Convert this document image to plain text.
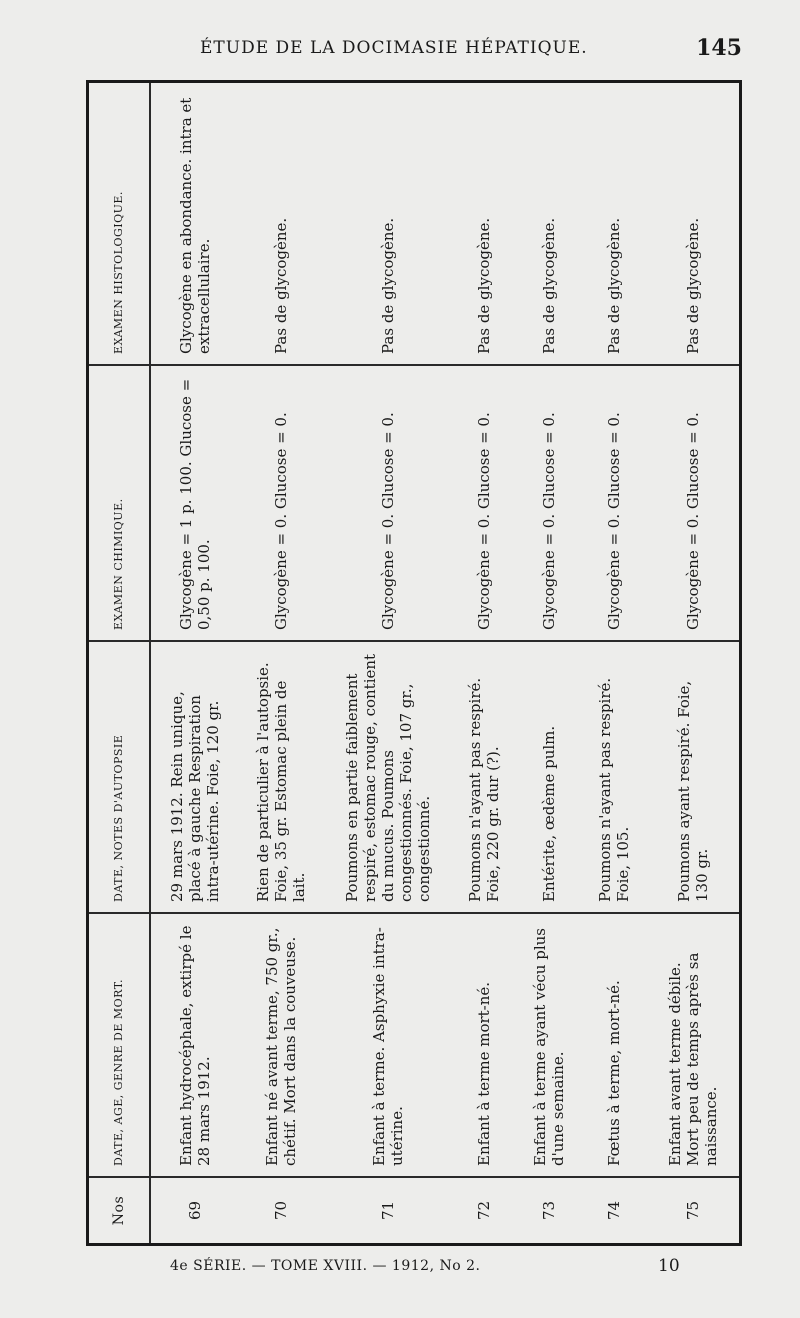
ÉTUDE DE LA DOCIMASIE HÉPATIQUE.	145
Nos	DATE, AGE, GENRE DE MORT.	DATE, NOTES D'AUTOPSIE	EXAMEN CHIMIQUE.	EXAMEN HISTOLOGIQUE.
69	Enfant hydrocéphale, extirpé le 28 mars 1912.	29 mars 1912. Rein unique, placé à gauche Respiration intra-utérine. Foie, 120 gr.	Glycogène = 1 p. 100. Glucose = 0,50 p. 100.	Glycogène en abondance. intra et extracellulaire.
70	Enfant né avant terme, 750 gr., chétif. Mort dans la couveuse.	Rien de particulier à l'autopsie. Foie, 35 gr. Estomac plein de lait.	Glycogène = 0. Glucose = 0.	Pas de glycogène.
71	Enfant à terme. Asphyxie intra-utérine.	Poumons en partie faiblement respiré, estomac rouge, contient du mucus. Poumons congestionnés. Foie, 107 gr., congestionné.	Glycogène = 0. Glucose = 0.	Pas de glycogène.
72	Enfant à terme mort-né.	Poumons n'ayant pas respiré. Foie, 220 gr. dur (?).	Glycogène = 0. Glucose = 0.	Pas de glycogène.
73	Enfant à terme ayant vécu plus d'une semaine.	Entérite, œdème pulm.	Glycogène = 0. Glucose = 0.	Pas de glycogène.
74	Fœtus à terme, mort-né.	Poumons n'ayant pas respiré. Foie, 105.	Glycogène = 0. Glucose = 0.	Pas de glycogène.
75	Enfant avant terme débile. Mort peu de temps après sa naissance.	Poumons ayant respiré. Foie, 130 gr.	Glycogène = 0. Glucose = 0.	Pas de glycogène.
4e SÉRIE. — TOME XVIII. — 1912, No 2.	10
